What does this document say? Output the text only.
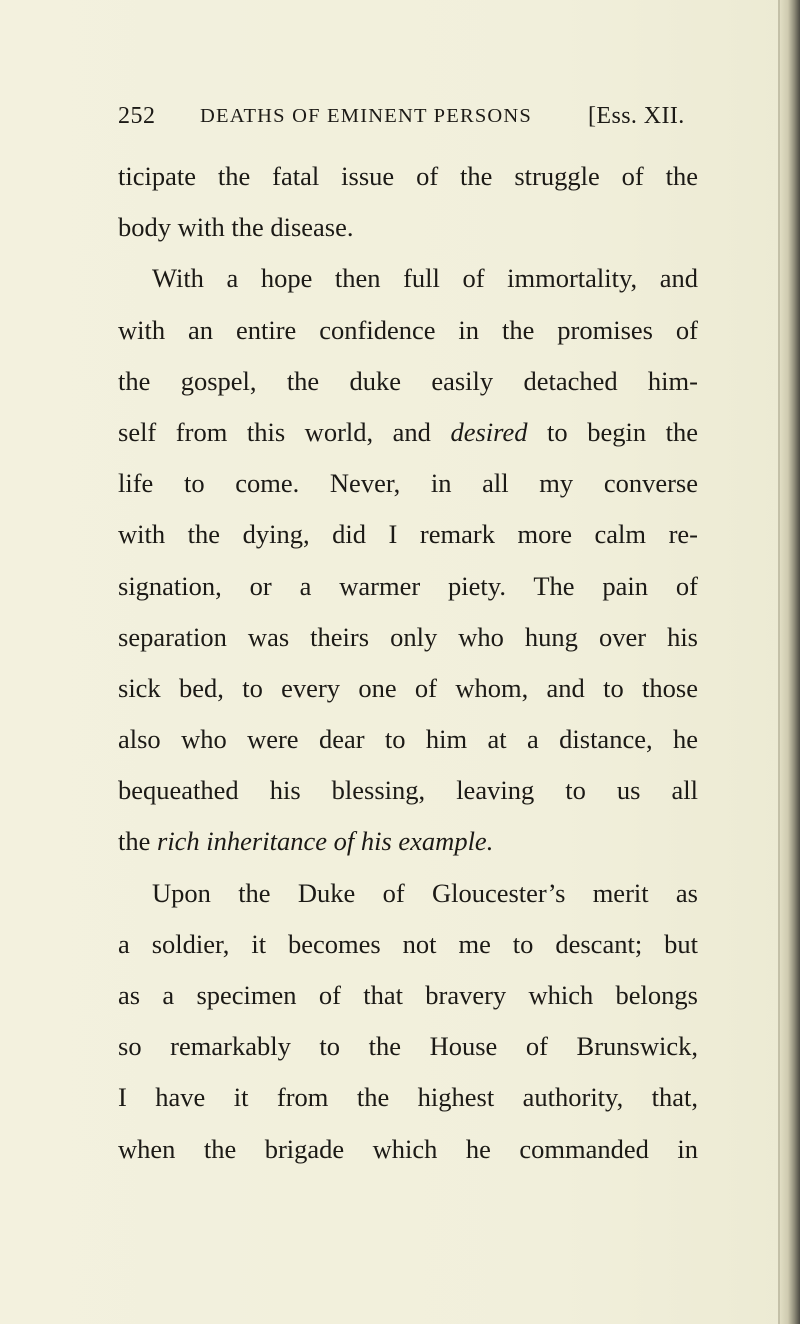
252 DEATHS OF EMINENT PERSONS [Ess. XII.
ticipate the fatal issue of the struggle of the
body with the disease.
With a hope then full of immortality, and
with an entire confidence in the promises of
the gospel, the duke easily detached him-
self from this world, and desired to begin the
life to come. Never, in all my converse
with the dying, did I remark more calm re-
signation, or a warmer piety. The pain of
separation was theirs only who hung over his
sick bed, to every one of whom, and to those
also who were dear to him at a distance, he
bequeathed his blessing, leaving to us all
the rich inheritance of his example.
Upon the Duke of Gloucester’s merit as
a soldier, it becomes not me to descant; but
as a specimen of that bravery which belongs
so remarkably to the House of Brunswick,
I have it from the highest authority, that,
when the brigade which he commanded in
